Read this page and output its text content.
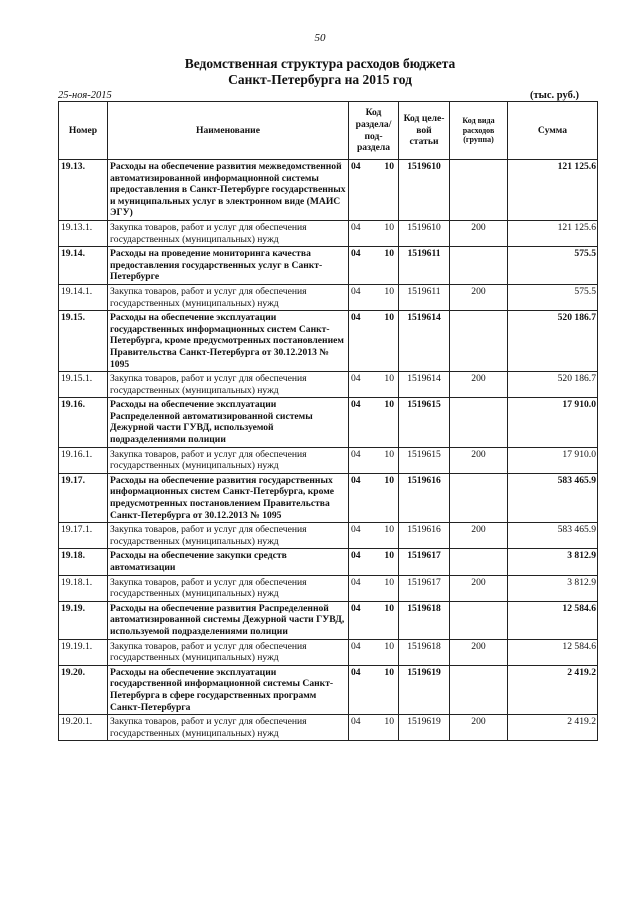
50
Ведомственная структура расходов бюджета
Санкт-Петербурга на 2015 год
25-ноя-2015	(тыс. руб.)
Номер	Наименование	Код раздела/ под-раздела		Код целе-вой статьи	Код вида расходов (группа)	Сумма
19.13.	Расходы на обеспечение развития межведомственной автоматизированной информационной системы предоставления в Санкт-Петербурге государственных и муниципальных услуг в электронном виде (МАИС ЭГУ)	04	10	1519610		121 125.6
19.13.1.	Закупка товаров, работ и услуг для обеспечения государственных (муниципальных) нужд	04	10	1519610	200	121 125.6
19.14.	Расходы на проведение мониторинга качества предоставления государственных услуг в Санкт-Петербурге	04	10	1519611		575.5
19.14.1.	Закупка товаров, работ и услуг для обеспечения государственных (муниципальных) нужд	04	10	1519611	200	575.5
19.15.	Расходы на обеспечение эксплуатации государственных информационных систем Санкт-Петербурга, кроме предусмотренных постановлением Правительства Санкт-Петербурга от 30.12.2013 № 1095	04	10	1519614		520 186.7
19.15.1.	Закупка товаров, работ и услуг для обеспечения государственных (муниципальных) нужд	04	10	1519614	200	520 186.7
19.16.	Расходы на обеспечение эксплуатации Распределенной автоматизированной системы Дежурной части ГУВД, используемой подразделениями полиции	04	10	1519615		17 910.0
19.16.1.	Закупка товаров, работ и услуг для обеспечения государственных (муниципальных) нужд	04	10	1519615	200	17 910.0
19.17.	Расходы на обеспечение развития государственных информационных систем Санкт-Петербурга, кроме предусмотренных постановлением Правительства Санкт-Петербурга от 30.12.2013 № 1095	04	10	1519616		583 465.9
19.17.1.	Закупка товаров, работ и услуг для обеспечения государственных (муниципальных) нужд	04	10	1519616	200	583 465.9
19.18.	Расходы на обеспечение закупки средств автоматизации	04	10	1519617		3 812.9
19.18.1.	Закупка товаров, работ и услуг для обеспечения государственных (муниципальных) нужд	04	10	1519617	200	3 812.9
19.19.	Расходы на обеспечение развития Распределенной автоматизированной системы Дежурной части ГУВД, используемой подразделениями полиции	04	10	1519618		12 584.6
19.19.1.	Закупка товаров, работ и услуг для обеспечения государственных (муниципальных) нужд	04	10	1519618	200	12 584.6
19.20.	Расходы на обеспечение эксплуатации государственной информационной системы Санкт-Петербурга в сфере государственных программ Санкт-Петербурга	04	10	1519619		2 419.2
19.20.1.	Закупка товаров, работ и услуг для обеспечения государственных (муниципальных) нужд	04	10	1519619	200	2 419.2
